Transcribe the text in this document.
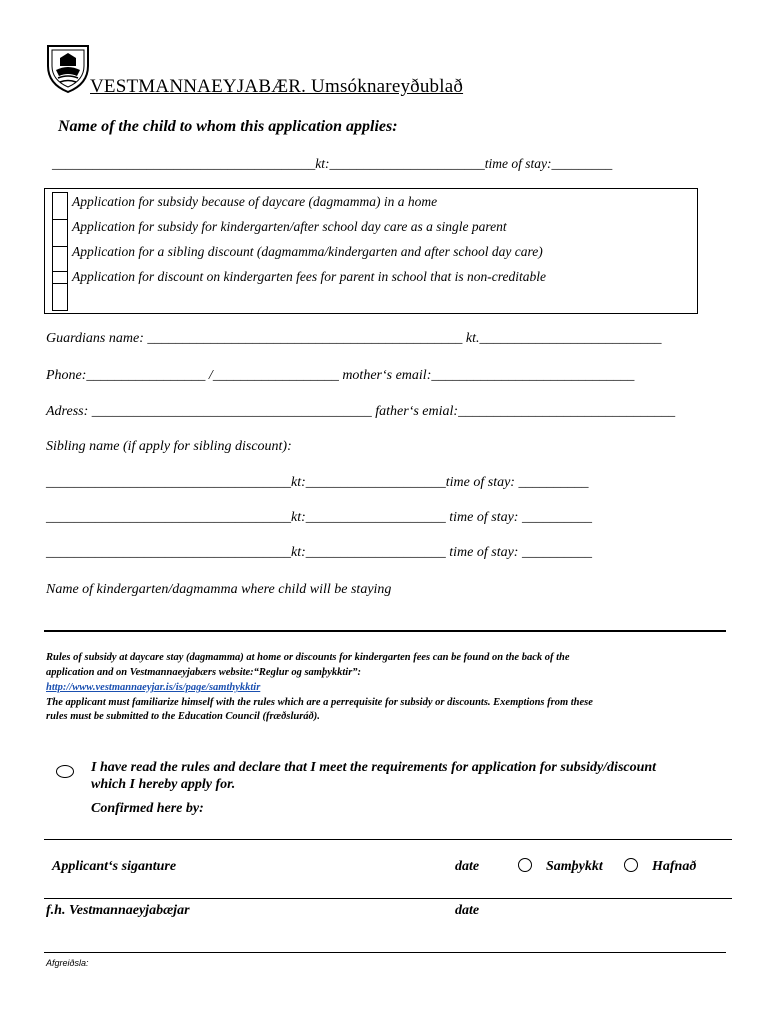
VESTMANNAEYJABÆR. Umsóknareyðublað
Name of the child to whom this application applies:
_______________________________________kt:_______________________time of stay:_________
Application for subsidy because of daycare (dagmamma) in a home
Application for subsidy for kindergarten/after school day care as a single parent
Application for a sibling discount (dagmamma/kindergarten and after school day care)
Application for discount on kindergarten fees for parent in school that is non-creditable
Guardians name: _____________________________________________ kt.__________________________
Phone:_________________ /__________________ mother‘s email:_____________________________
Adress: ________________________________________ father‘s emial:_______________________________
Sibling name (if apply for sibling discount):
___________________________________kt:____________________time of stay: __________
___________________________________kt:____________________ time of stay: __________
___________________________________kt:____________________ time of stay: __________
Name of kindergarten/dagmamma where child will be staying
Rules of subsidy at daycare stay (dagmamma) at home or discounts for kindergarten fees can be found on the back of the
application and on Vestmannaeyjabærs website:“Reglur og samþykktir”:
http://www.vestmannaeyjar.is/is/page/samthykktir
The applicant must familiarize himself with the rules which are a perrequisite for subsidy or discounts. Exemptions from these
rules must be submitted to the Education Council (fræðsluráð).
I have read the rules and declare that I meet the requirements for application for subsidy/discount
which I hereby apply for.
Confirmed here by:
Applicant‘s siganture	date	Samþykkt	Hafnað
f.h. Vestmannaeyjabæjar	date
Afgreiðsla:
